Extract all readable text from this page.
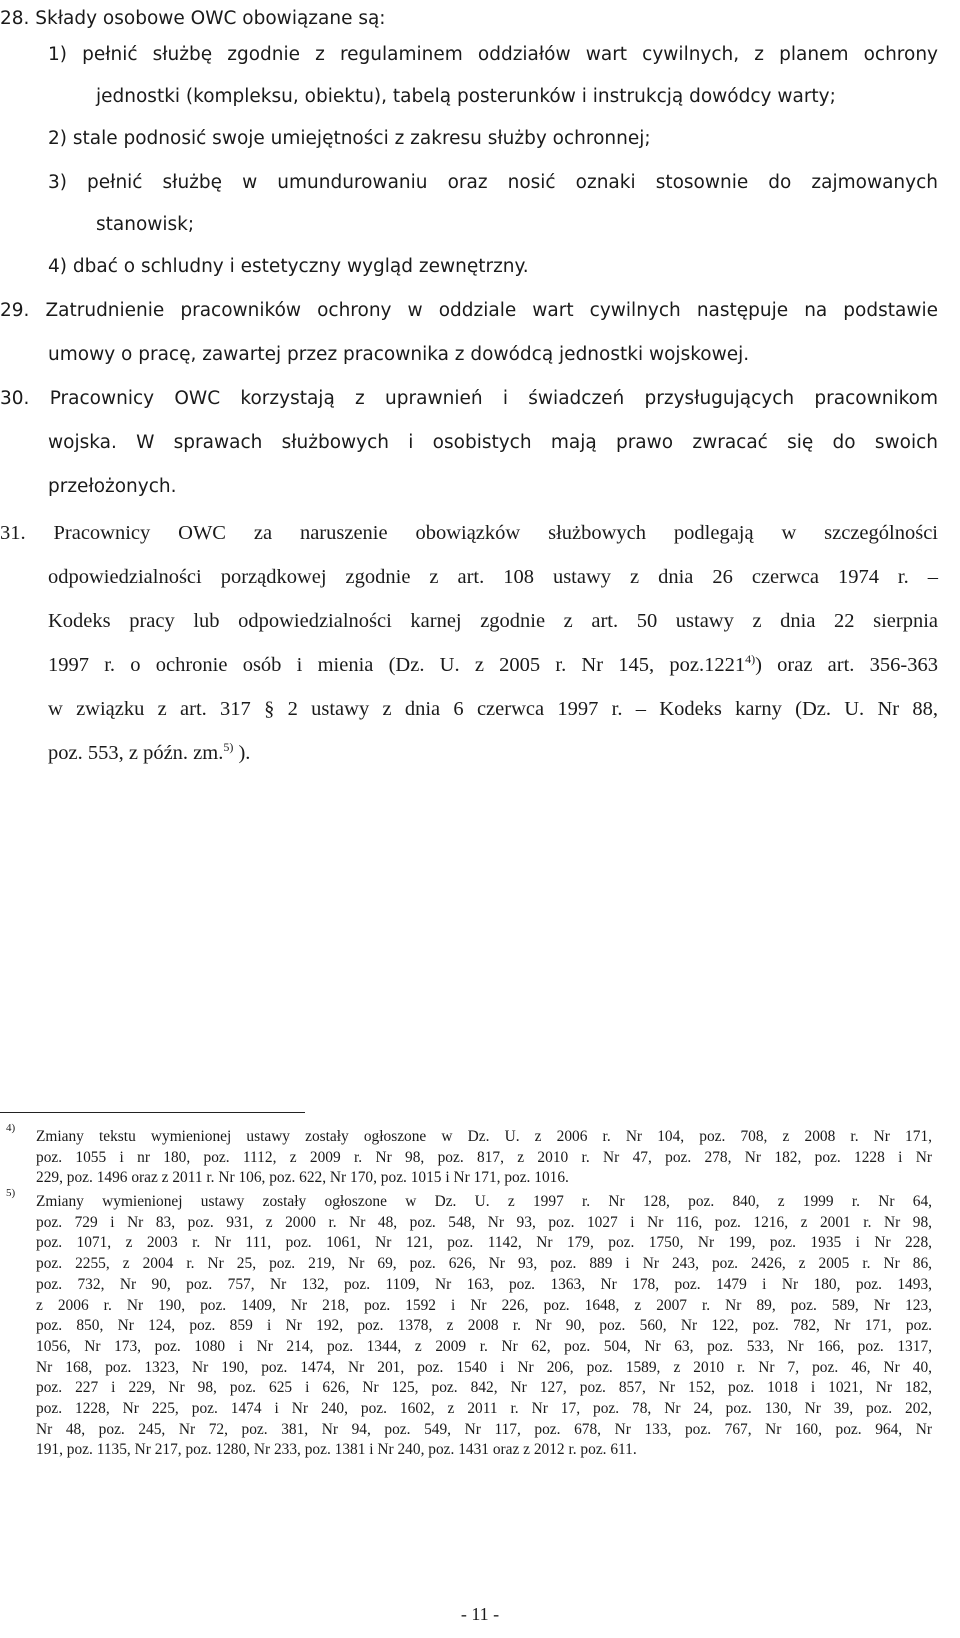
28. Składy osobowe OWC obowiązane są:
1) pełnić służbę zgodnie z regulaminem oddziałów wart cywilnych, z planem ochrony
jednostki (kompleksu, obiektu), tabelą posterunków i instrukcją dowódcy warty;
2) stale podnosić swoje umiejętności z zakresu służby ochronnej;
3) pełnić służbę w umundurowaniu oraz nosić oznaki stosownie do zajmowanych
stanowisk;
4) dbać o schludny i estetyczny wygląd zewnętrzny.
29. Zatrudnienie pracowników ochrony w oddziale wart cywilnych następuje na podstawie
umowy o pracę, zawartej przez pracownika z dowódcą jednostki wojskowej.
30. Pracownicy OWC korzystają z uprawnień i świadczeń przysługujących pracownikom
wojska. W sprawach służbowych i osobistych mają prawo zwracać się do swoich
przełożonych.
31. Pracownicy OWC za naruszenie obowiązków służbowych podlegają w szczególności
odpowiedzialności porządkowej zgodnie z art. 108 ustawy z dnia 26 czerwca 1974 r. –
Kodeks pracy lub odpowiedzialności karnej zgodnie z art. 50 ustawy z dnia 22 sierpnia
1997 r. o ochronie osób i mienia (Dz. U. z 2005 r. Nr 145, poz.1221$^{4)}$) oraz art. 356-363
w związku z art. 317 § 2 ustawy z dnia 6 czerwca 1997 r. – Kodeks karny (Dz. U. Nr 88,
poz. 553, z późn. zm.$^{5)}$ ).
4) Zmiany tekstu wymienionej ustawy zostały ogłoszone w Dz. U. z 2006 r. Nr 104, poz. 708, z 2008 r. Nr 171,
poz. 1055 i nr 180, poz. 1112, z 2009 r. Nr 98, poz. 817, z 2010 r. Nr 47, poz. 278, Nr 182, poz. 1228 i Nr
229, poz. 1496 oraz z 2011 r. Nr 106, poz. 622, Nr 170, poz. 1015 i Nr 171, poz. 1016.
5) Zmiany wymienionej ustawy zostały ogłoszone w Dz. U. z 1997 r. Nr 128, poz. 840, z 1999 r. Nr 64,
poz. 729 i Nr 83, poz. 931, z 2000 r. Nr 48, poz. 548, Nr 93, poz. 1027 i Nr 116, poz. 1216, z 2001 r. Nr 98,
poz. 1071, z 2003 r. Nr 111, poz. 1061, Nr 121, poz. 1142, Nr 179, poz. 1750, Nr 199, poz. 1935 i Nr 228,
poz. 2255, z 2004 r. Nr 25, poz. 219, Nr 69, poz. 626, Nr 93, poz. 889 i Nr 243, poz. 2426, z 2005 r. Nr 86,
poz. 732, Nr 90, poz. 757, Nr 132, poz. 1109, Nr 163, poz. 1363, Nr 178, poz. 1479 i Nr 180, poz. 1493,
z 2006 r. Nr 190, poz. 1409, Nr 218, poz. 1592 i Nr 226, poz. 1648, z 2007 r. Nr 89, poz. 589, Nr 123,
poz. 850, Nr 124, poz. 859 i Nr 192, poz. 1378, z 2008 r. Nr 90, poz. 560, Nr 122, poz. 782, Nr 171, poz.
1056, Nr 173, poz. 1080 i Nr 214, poz. 1344, z 2009 r. Nr 62, poz. 504, Nr 63, poz. 533, Nr 166, poz. 1317,
Nr 168, poz. 1323, Nr 190, poz. 1474, Nr 201, poz. 1540 i Nr 206, poz. 1589, z 2010 r. Nr 7, poz. 46, Nr 40,
poz. 227 i 229, Nr 98, poz. 625 i 626, Nr 125, poz. 842, Nr 127, poz. 857, Nr 152, poz. 1018 i 1021, Nr 182,
poz. 1228, Nr 225, poz. 1474 i Nr 240, poz. 1602, z 2011 r. Nr 17, poz. 78, Nr 24, poz. 130, Nr 39, poz. 202,
Nr 48, poz. 245, Nr 72, poz. 381, Nr 94, poz. 549, Nr 117, poz. 678, Nr 133, poz. 767, Nr 160, poz. 964, Nr
191, poz. 1135, Nr 217, poz. 1280, Nr 233, poz. 1381 i Nr 240, poz. 1431 oraz z 2012 r. poz. 611.
- 11 -
